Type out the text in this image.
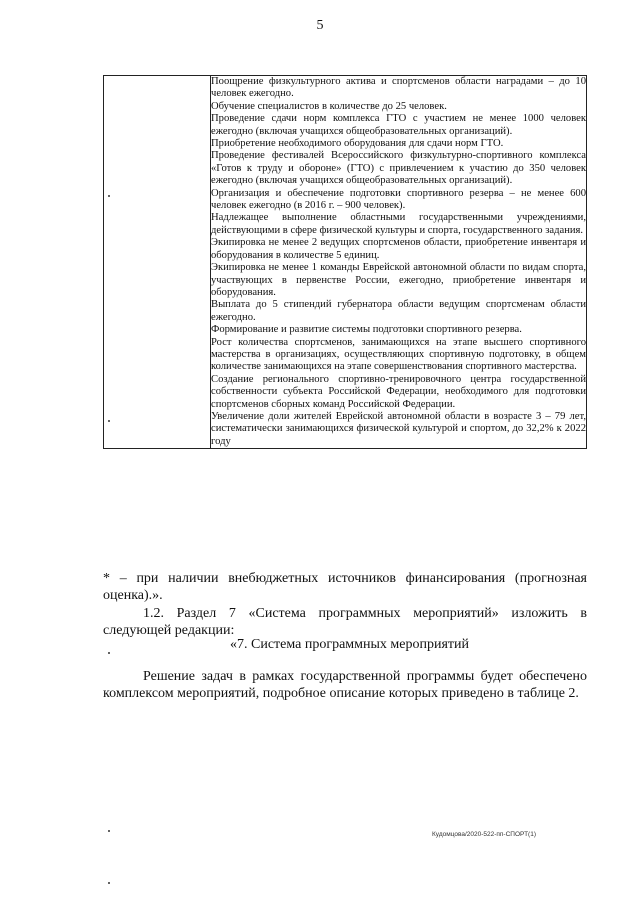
5

Поощрение физкультурного актива и спортсменов области наградами – до 10 человек ежегодно.
Обучение специалистов в количестве до 25 человек.
Проведение сдачи норм комплекса ГТО с участием не менее 1000 человек ежегодно (включая учащихся общеобразовательных организаций).
Приобретение необходимого оборудования для сдачи норм ГТО.
Проведение фестивалей Всероссийского физкультурно-спортивного комплекса «Готов к труду и обороне» (ГТО) с привлечением к участию до 350 человек ежегодно (включая учащихся общеобразовательных организаций).
Организация и обеспечение подготовки спортивного резерва – не менее 600 человек ежегодно (в 2016 г. – 900 человек).
Надлежащее выполнение областными государственными учреждениями, действующими в сфере физической культуры и спорта, государственного задания.
Экипировка не менее 2 ведущих спортсменов области, приобретение инвентаря и оборудования в количестве 5 единиц.
Экипировка не менее 1 команды Еврейской автономной области по видам спорта, участвующих в первенстве России, ежегодно, приобретение инвентаря и оборудования.
Выплата до 5 стипендий губернатора области ведущим спортсменам области ежегодно.
Формирование и развитие системы подготовки спортивного резерва.
Рост количества спортсменов, занимающихся на этапе высшего спортивного мастерства в организациях, осуществляющих спортивную подготовку, в общем количестве занимающихся на этапе совершенствования спортивного мастерства.
Создание регионального спортивно-тренировочного центра государственной собственности субъекта Российской Федерации, необходимого для подготовки спортсменов сборных команд Российской Федерации.
Увеличение доли жителей Еврейской автономной области в возрасте 3 – 79 лет, систематически занимающихся физической культурой и спортом, до 32,2% к 2022 году
* – при наличии внебюджетных источников финансирования (прогнозная оценка).».
1.2. Раздел 7 «Система программных мероприятий» изложить в следующей редакции:
«7. Система программных мероприятий
Решение задач в рамках государственной программы будет обеспечено комплексом мероприятий, подробное описание которых приведено в таблице 2.
Кудомцова/2020-522-пп-СПОРТ(1)
